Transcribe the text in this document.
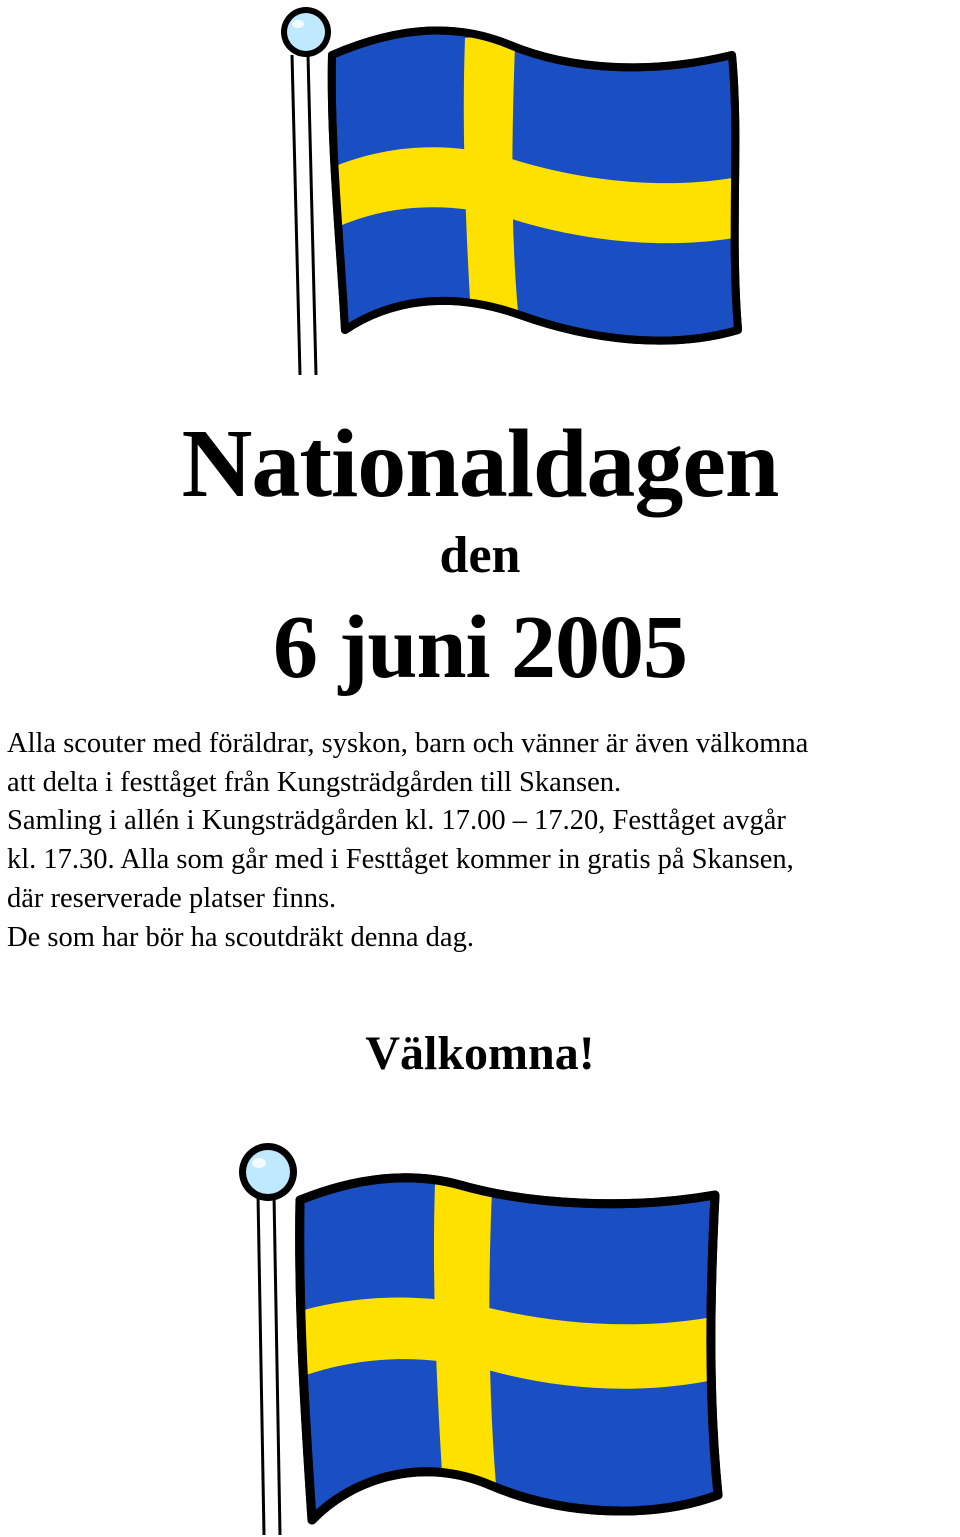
Nationaldagen
den
6 juni 2005
Alla scouter med föräldrar, syskon, barn och vänner är även välkomna
att delta i festtåget från Kungsträdgården till Skansen.
Samling i allén i Kungsträdgården kl. 17.00 – 17.20, Festtåget avgår
kl. 17.30. Alla som går med i Festtåget kommer in gratis på Skansen,
där reserverade platser finns.
De som har bör ha scoutdräkt denna dag.
Välkomna!
